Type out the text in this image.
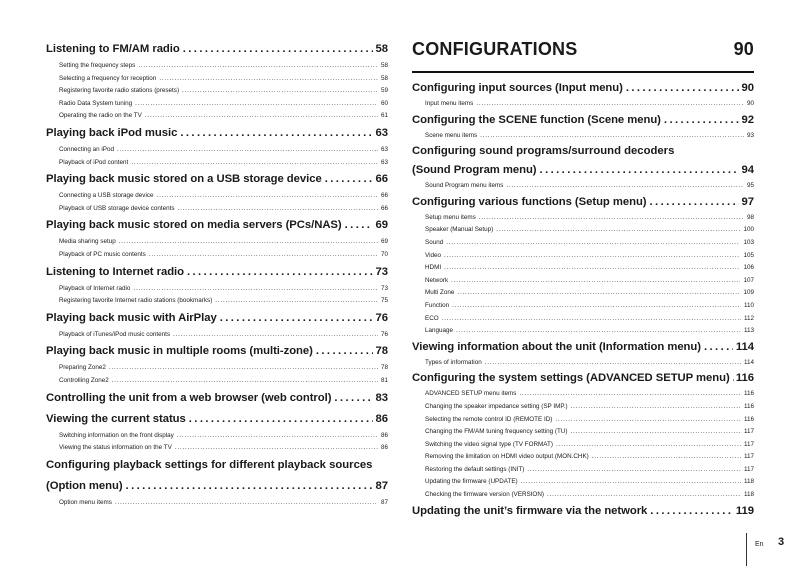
Listening to FM/AM radio .....	58
Setting the frequency steps .....	58
Selecting a frequency for reception .....	58
Registering favorite radio stations (presets) .....	59
Radio Data System tuning .....	60
Operating the radio on the TV .....	61
Playing back iPod music .....	63
Connecting an iPod .....	63
Playback of iPod content .....	63
Playing back music stored on a USB storage device .....	66
Connecting a USB storage device .....	66
Playback of USB storage device contents .....	66
Playing back music stored on media servers (PCs/NAS) .....	69
Media sharing setup .....	69
Playback of PC music contents .....	70
Listening to Internet radio .....	73
Playback of Internet radio .....	73
Registering favorite Internet radio stations (bookmarks) .....	75
Playing back music with AirPlay .....	76
Playback of iTunes/iPod music contents .....	76
Playing back music in multiple rooms (multi-zone) .....	78
Preparing Zone2 .....	78
Controlling Zone2 .....	81
Controlling the unit from a web browser (web control) .....	83
Viewing the current status .....	86
Switching information on the front display .....	86
Viewing the status information on the TV .....	86
Configuring playback settings for different playback sources
(Option menu) .....	87
Option menu items .....	87
CONFIGURATIONS	90
Configuring input sources (Input menu) .....	90
Input menu items .....	90
Configuring the SCENE function (Scene menu) .....	92
Scene menu items .....	93
Configuring sound programs/surround decoders
(Sound Program menu) .....	94
Sound Program menu items .....	95
Configuring various functions (Setup menu) .....	97
Setup menu items .....	98
Speaker (Manual Setup) .....	100
Sound .....	103
Video .....	105
HDMI .....	106
Network .....	107
Multi Zone .....	109
Function .....	110
ECO .....	112
Language .....	113
Viewing information about the unit (Information menu) .....	114
Types of information .....	114
Configuring the system settings (ADVANCED SETUP menu) ..... 116
ADVANCED SETUP menu items .....	116
Changing the speaker impedance setting (SP IMP.) .....	116
Selecting the remote control ID (REMOTE ID) .....	116
Changing the FM/AM tuning frequency setting (TU) .....	117
Switching the video signal type (TV FORMAT) .....	117
Removing the limitation on HDMI video output (MON.CHK) .....	117
Restoring the default settings (INIT) .....	117
Updating the firmware (UPDATE) .....	118
Checking the firmware version (VERSION) .....	118
Updating the unit’s firmware via the network .....	119
En 3
